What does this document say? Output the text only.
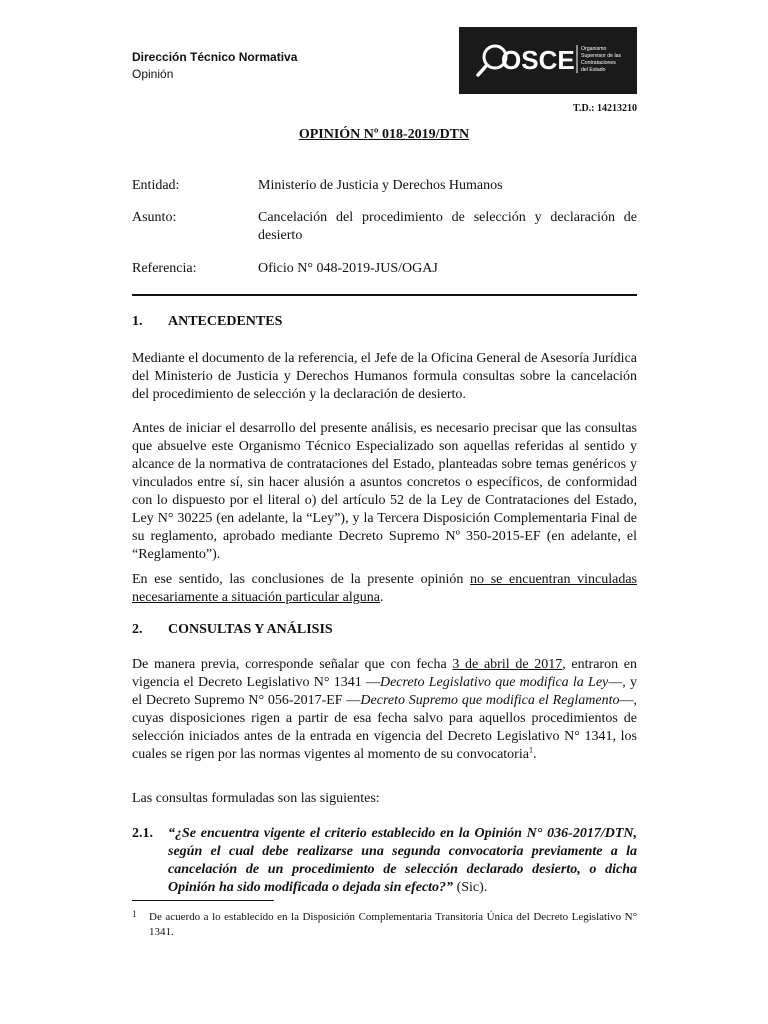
Dirección Técnico Normativa
Opinión	OSCE Organismo Supervisor de las Contrataciones del Estado
T.D.: 14213210
OPINIÓN Nº 018-2019/DTN
Entidad:	Ministerio de Justicia y Derechos Humanos
Asunto:	Cancelación del procedimiento de selección y declaración de desierto
Referencia:	Oficio N° 048-2019-JUS/OGAJ
1. ANTECEDENTES
Mediante el documento de la referencia, el Jefe de la Oficina General de Asesoría Jurídica del Ministerio de Justicia y Derechos Humanos formula consultas sobre la cancelación del procedimiento de selección y la declaración de desierto.
Antes de iniciar el desarrollo del presente análisis, es necesario precisar que las consultas que absuelve este Organismo Técnico Especializado son aquellas referidas al sentido y alcance de la normativa de contrataciones del Estado, planteadas sobre temas genéricos y vinculados entre sí, sin hacer alusión a asuntos concretos o específicos, de conformidad con lo dispuesto por el literal o) del artículo 52 de la Ley de Contrataciones del Estado, Ley N° 30225 (en adelante, la “Ley”), y la Tercera Disposición Complementaria Final de su reglamento, aprobado mediante Decreto Supremo Nº 350-2015-EF (en adelante, el “Reglamento”).
En ese sentido, las conclusiones de la presente opinión no se encuentran vinculadas necesariamente a situación particular alguna.
2. CONSULTAS Y ANÁLISIS
De manera previa, corresponde señalar que con fecha 3 de abril de 2017, entraron en vigencia el Decreto Legislativo N° 1341 —Decreto Legislativo que modifica la Ley—, y el Decreto Supremo N° 056-2017-EF —Decreto Supremo que modifica el Reglamento—, cuyas disposiciones rigen a partir de esa fecha salvo para aquellos procedimientos de selección iniciados antes de la entrada en vigencia del Decreto Legislativo N° 1341, los cuales se rigen por las normas vigentes al momento de su convocatoria$^1$.
Las consultas formuladas son las siguientes:
2.1. “¿Se encuentra vigente el criterio establecido en la Opinión N° 036-2017/DTN, según el cual debe realizarse una segunda convocatoria previamente a la cancelación de un procedimiento de selección declarado desierto, o dicha Opinión ha sido modificada o dejada sin efecto?” (Sic).
1 De acuerdo a lo establecido en la Disposición Complementaria Transitoria Única del Decreto Legislativo N° 1341.
